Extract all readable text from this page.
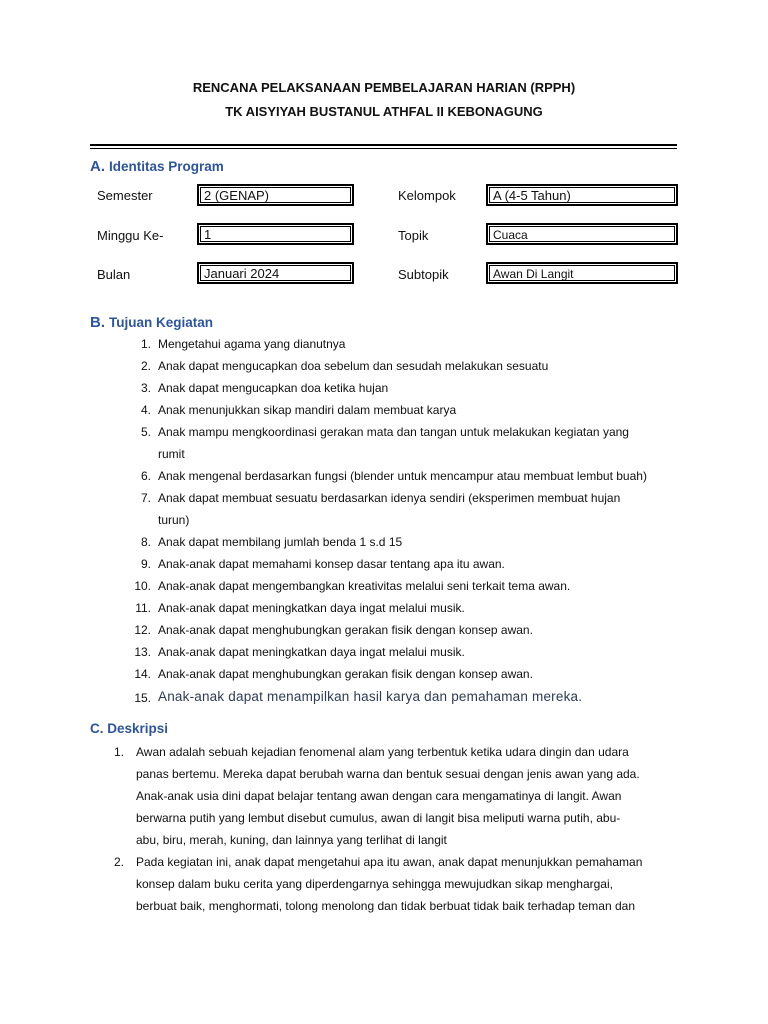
RENCANA PELAKSANAAN PEMBELAJARAN HARIAN (RPPH)
TK AISYIYAH BUSTANUL ATHFAL II KEBONAGUNG
A. Identitas Program
Semester	2 (GENAP)	Kelompok	A (4-5 Tahun)
Minggu Ke-	1	Topik	Cuaca
Bulan	Januari 2024	Subtopik	Awan Di Langit
B. Tujuan Kegiatan
1. Mengetahui agama yang dianutnya
2. Anak dapat mengucapkan doa sebelum dan sesudah melakukan sesuatu
3. Anak dapat mengucapkan doa ketika hujan
4. Anak menunjukkan sikap mandiri dalam membuat karya
5. Anak mampu mengkoordinasi gerakan mata dan tangan untuk melakukan kegiatan yang
rumit
6. Anak mengenal berdasarkan fungsi (blender untuk mencampur atau membuat lembut buah)
7. Anak dapat membuat sesuatu berdasarkan idenya sendiri (eksperimen membuat hujan
turun)
8. Anak dapat membilang jumlah benda 1 s.d 15
9. Anak-anak dapat memahami konsep dasar tentang apa itu awan.
10. Anak-anak dapat mengembangkan kreativitas melalui seni terkait tema awan.
11. Anak-anak dapat meningkatkan daya ingat melalui musik.
12. Anak-anak dapat menghubungkan gerakan fisik dengan konsep awan.
13. Anak-anak dapat meningkatkan daya ingat melalui musik.
14. Anak-anak dapat menghubungkan gerakan fisik dengan konsep awan.
15. Anak-anak dapat menampilkan hasil karya dan pemahaman mereka.
C. Deskripsi
1. Awan adalah sebuah kejadian fenomenal alam yang terbentuk ketika udara dingin dan udara
panas bertemu. Mereka dapat berubah warna dan bentuk sesuai dengan jenis awan yang ada.
Anak-anak usia dini dapat belajar tentang awan dengan cara mengamatinya di langit. Awan
berwarna putih yang lembut disebut cumulus, awan di langit bisa meliputi warna putih, abu-
abu, biru, merah, kuning, dan lainnya yang terlihat di langit
2. Pada kegiatan ini, anak dapat mengetahui apa itu awan, anak dapat menunjukkan pemahaman
konsep dalam buku cerita yang diperdengarnya sehingga mewujudkan sikap menghargai,
berbuat baik, menghormati, tolong menolong dan tidak berbuat tidak baik terhadap teman dan
